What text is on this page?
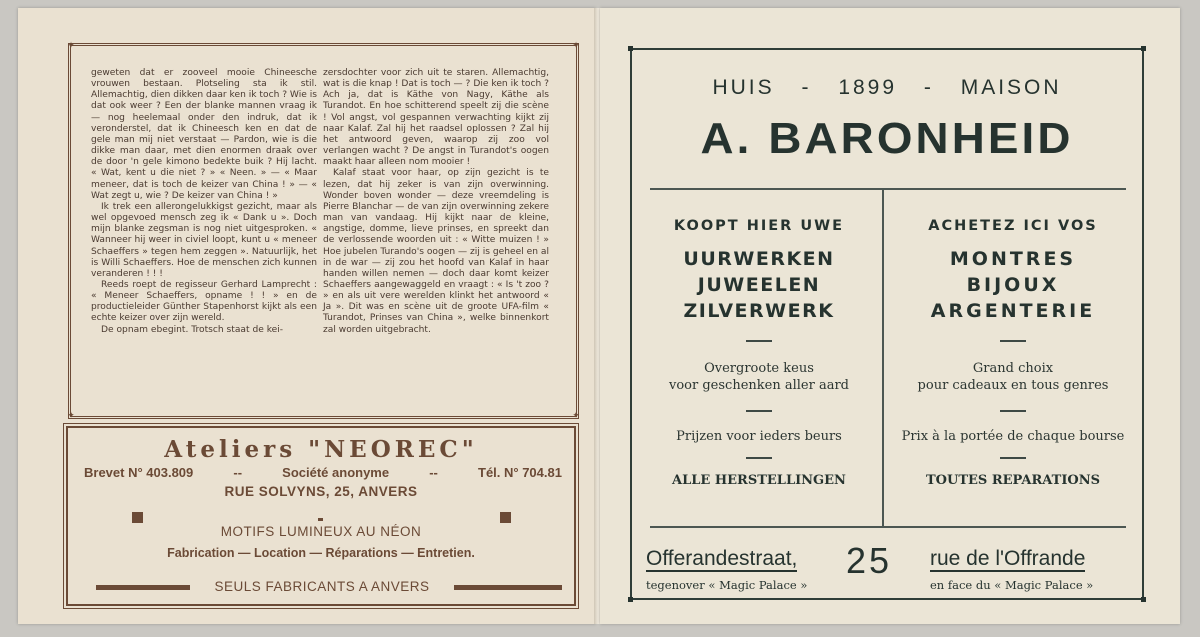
✦	✦
✦	✦

geweten dat er zooveel mooie Chineesche vrouwen bestaan. Plotseling sta ik stil. Allemachtig, dien dikken daar ken ik toch ? Wie is dat ook weer ? Een der blanke mannen vraag ik — nog heelemaal onder den indruk, dat ik veronderstel, dat ik Chineesch ken en dat de gele man mij niet verstaat — Pardon, wie is die dikke man daar, met dien enormen draak over de door 'n gele kimono bedekte buik ? Hij lacht. « Wat, kent u die niet ? » « Neen. » — « Maar meneer, dat is toch de keizer van China ! » — « Wat zegt u, wie ? De keizer van China ! »

Ik trek een allerongelukkigst gezicht, maar als wel opgevoed mensch zeg ik « Dank u ». Doch mijn blanke zegsman is nog niet uitgesproken. « Wanneer hij weer in civiel loopt, kunt u « meneer Schaeffers » tegen hem zeggen ». Natuurlijk, het is Willi Schaeffers. Hoe de menschen zich kunnen veranderen ! ! !

Reeds roept de regisseur Gerhard Lamprecht : « Meneer Schaeffers, opname ! ! » en de productieleider Günther Stapenhorst kijkt als een echte keizer over zijn wereld.

De opnam ebegint. Trotsch staat de kei-

zersdochter voor zich uit te staren. Allemachtig, wat is die knap ! Dat is toch — ? Die ken ik toch ? Ach ja, dat is Käthe von Nagy, Käthe als Turandot. En hoe schitterend speelt zij die scène ! Vol angst, vol gespannen verwachting kijkt zij naar Kalaf. Zal hij het raadsel oplossen ? Zal hij het antwoord geven, waarop zij zoo vol verlangen wacht ? De angst in Turandot's oogen maakt haar alleen nom mooier !

Kalaf staat voor haar, op zijn gezicht is te lezen, dat hij zeker is van zijn overwinning. Wonder boven wonder — deze vreemdeling is Pierre Blanchar — de van zijn overwinning zekere man van vandaag. Hij kijkt naar de kleine, angstige, domme, lieve prinses, en spreekt dan de verlossende woorden uit : « Witte muizen ! » Hoe jubelen Turando's oogen — zij is geheel en al in de war — zij zou het hoofd van Kalaf in haar handen willen nemen — doch daar komt keizer Schaeffers aangewaggeld en vraagt : « Is 't zoo ? » en als uit vere werelden klinkt het antwoord « Ja ». Dit was en scène uit de groote UFA-film « Turandot, Prinses van China », welke binnenkort zal worden uitgebracht.

Ateliers "NEOREC"
Brevet N° 403.809	--	Société anonyme	--	Tél. N° 704.81
RUE SOLVYNS, 25, ANVERS
MOTIFS LUMINEUX AU NÉON
Fabrication — Location — Réparations — Entretien.
SEULS FABRICANTS A ANVERS
HUIS - 1899 - MAISON
A. BARONHEID
KOOPT HIER UWE
UURWERKEN
JUWEELEN
ZILVERWERK
Overgroote keus
voor geschenken aller aard
Prijzen voor ieders beurs
ALLE HERSTELLINGEN
ACHETEZ ICI VOS
MONTRES
BIJOUX
ARGENTERIE
Grand choix
pour cadeaux en tous genres
Prix à la portée de chaque bourse
TOUTES REPARATIONS
Offerandestraat, 25 rue de l'Offrande
tegenover « Magic Palace »	en face du « Magic Palace »
